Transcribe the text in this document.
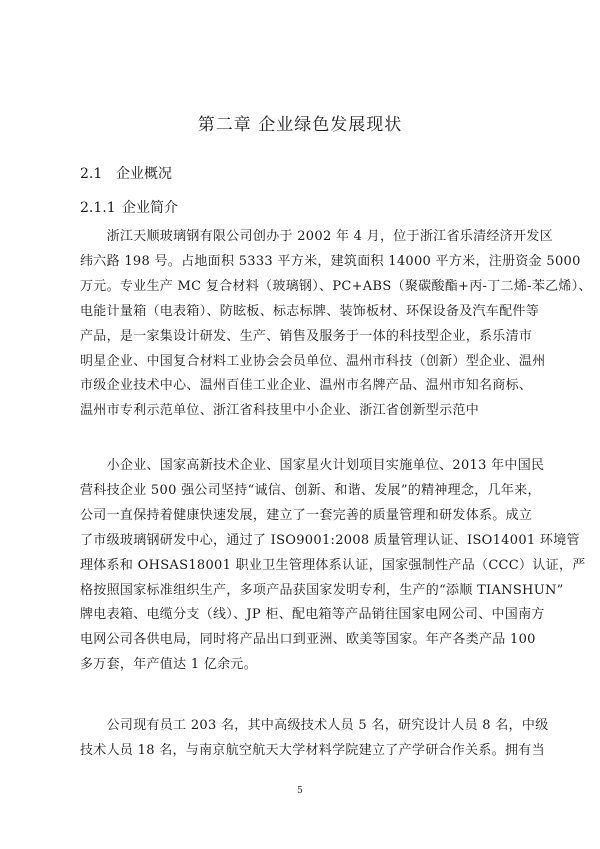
第二章 企业绿色发展现状
2.1 企业概况
2.1.1 企业简介

　　浙江天顺玻璃钢有限公司创办于 2002 年 4 月，位于浙江省乐清经济开发区
纬六路 198 号。占地面积 5333 平方米，建筑面积 14000 平方米，注册资金 5000
万元。专业生产 MC 复合材料（玻璃钢）、PC+ABS（聚碳酸酯+丙-丁二烯-苯乙烯）、
电能计量箱（电表箱）、防眩板、标志标牌、装饰板材、环保设备及汽车配件等
产品，是一家集设计研发、生产、销售及服务于一体的科技型企业，系乐清市
明星企业、中国复合材料工业协会会员单位、温州市科技（创新）型企业、温州
市级企业技术中心、温州百佳工业企业、温州市名牌产品、温州市知名商标、
温州市专利示范单位、浙江省科技里中小企业、浙江省创新型示范中

　　小企业、国家高新技术企业、国家星火计划项目实施单位、2013 年中国民
营科技企业 500 强公司坚持“诚信、创新、和谐、发展”的精神理念，几年来，
公司一直保持着健康快速发展，建立了一套完善的质量管理和研发体系。成立
了市级玻璃钢研发中心，通过了 ISO9001:2008 质量管理认证、ISO14001 环境管
理体系和 OHSAS18001 职业卫生管理体系认证，国家强制性产品（CCC）认证，严
格按照国家标准组织生产，多项产品获国家发明专利，生产的“添顺 TIANSHUN”
牌电表箱、电缆分支（线）、JP 柜、配电箱等产品销往国家电网公司、中国南方
电网公司各供电局，同时将产品出口到亚洲、欧美等国家。年产各类产品 100
多万套，年产值达 1 亿余元。

　　公司现有员工 203 名，其中高级技术人员 5 名，研究设计人员 8 名，中级
技术人员 18 名，与南京航空航天大学材料学院建立了产学研合作关系。拥有当

5
